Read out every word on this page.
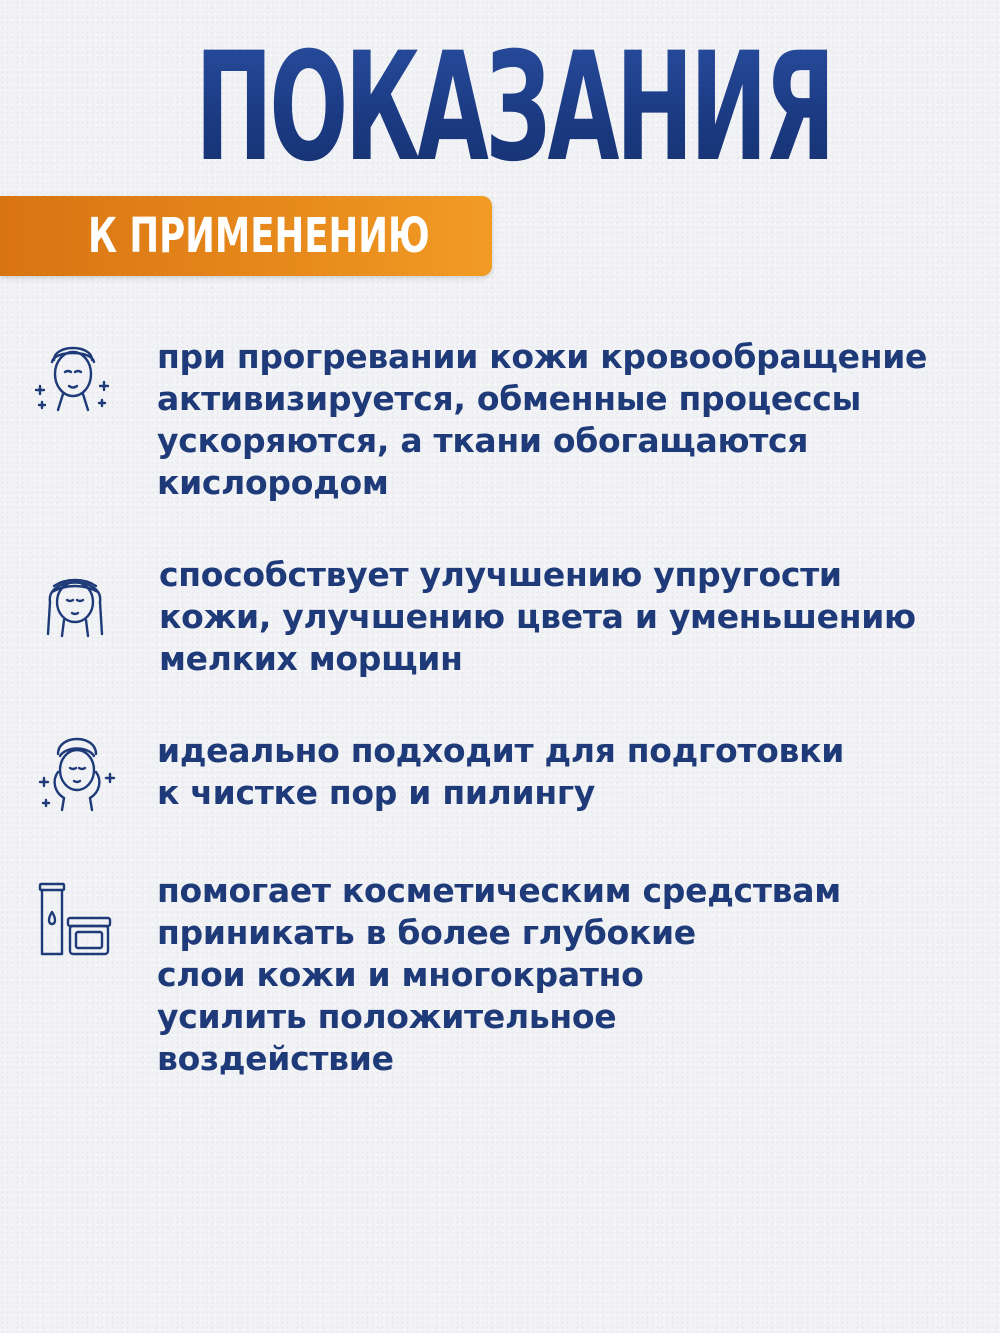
ПОКАЗАНИЯ
К ПРИМЕНЕНИЮ
при прогревании кожи кровообращение
активизируется, обменные процессы
ускоряются, а ткани обогащаются
кислородом
способствует улучшению упругости
кожи, улучшению цвета и уменьшению
мелких морщин
идеально подходит для подготовки
к чистке пор и пилингу
помогает косметическим средствам
приникать в более глубокие
слои кожи и многократно
усилить положительное
воздействие
